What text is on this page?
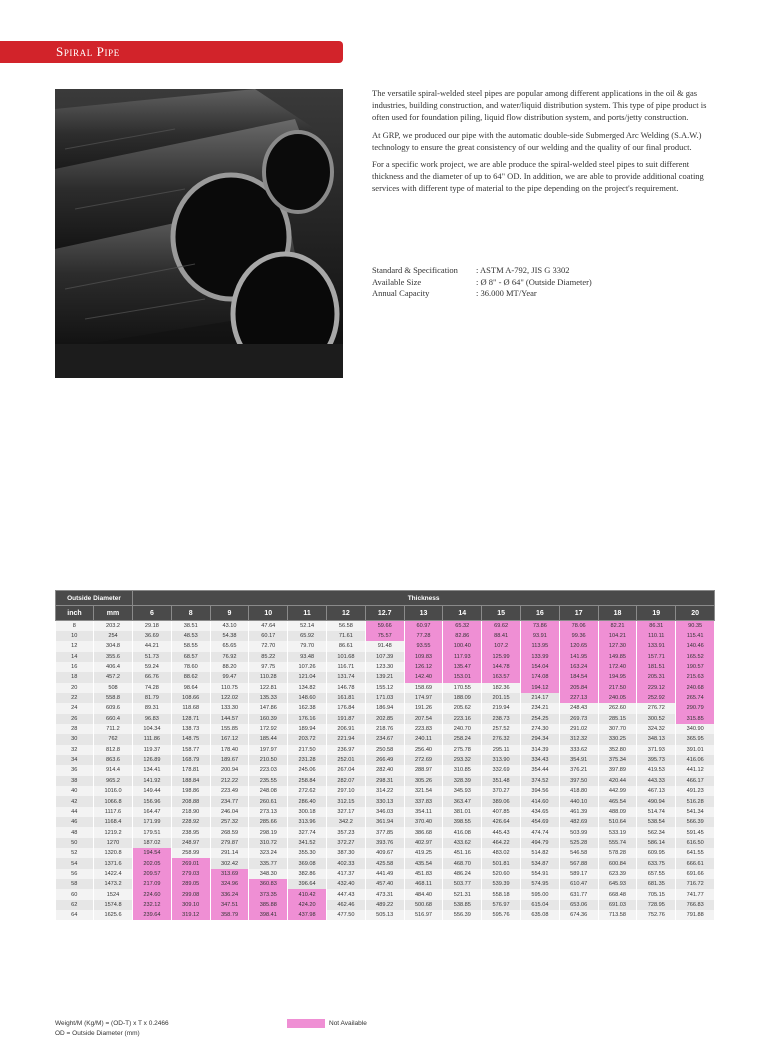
Spiral Pipe

The versatile spiral-welded steel pipes are popular among different applications in the oil & gas industries, building construction, and water/liquid distribution system. This type of pipe product is often used for foundation piling, liquid flow distribution system, and ports/jetty construction.

At GRP, we produced our pipe with the automatic double-side Submerged Arc Welding (S.A.W.) technology to ensure the great consistency of our welding and the quality of our final product.

For a specific work project, we are able produce the spiral-welded steel pipes to suit different thickness and the diameter of up to 64" OD. In addition, we are able to provide additional coating services with different type of material to the pipe depending on the project's requirement.

Standard & Specification	: ASTM A-792, JIS G 3302
Available Size	: Ø 8" - Ø 64" (Outside Diameter)
Annual Capacity	: 36.000 MT/Year
Outside Diameter		Thickness														
inch	mm	6	8	9	10	11	12	12.7	13	14	15	16	17	18	19	20
8	203.2	29.18	38.51	43.10	47.64	52.14	56.58	59.66	60.97	65.32	69.62	73.86	78.06	82.21	86.31	90.35
10	254	36.69	48.53	54.38	60.17	65.92	71.61	75.57	77.28	82.86	88.41	93.91	99.36	104.21	110.11	115.41
12	304.8	44.21	58.55	65.65	72.70	79.70	86.61	91.48	93.55	100.40	107.2	113.95	120.65	127.30	133.91	140.46
14	355.6	51.73	68.57	76.92	85.22	93.48	101.68	107.39	109.83	117.93	125.99	133.99	141.95	149.85	157.71	165.52
16	406.4	59.24	78.60	88.20	97.75	107.26	116.71	123.30	126.12	135.47	144.78	154.04	163.24	172.40	181.51	190.57
18	457.2	66.76	88.62	99.47	110.28	121.04	131.74	139.21	142.40	153.01	163.57	174.08	184.54	194.95	205.31	215.63
20	508	74.28	98.64	110.75	122.81	134.82	146.78	155.12	158.69	170.55	182.36	194.12	205.84	217.50	229.12	240.68
22	558.8	81.79	108.66	122.02	135.33	148.60	161.81	171.03	174.97	188.09	201.15	214.17	227.13	240.05	252.92	265.74
24	609.6	89.31	118.68	133.30	147.86	162.38	176.84	186.94	191.26	205.62	219.94	234.21	248.43	262.60	276.72	290.79
26	660.4	96.83	128.71	144.57	160.39	176.16	191.87	202.85	207.54	223.16	238.73	254.25	269.73	285.15	300.52	315.85
28	711.2	104.34	138.73	155.85	172.92	189.94	206.91	218.76	223.83	240.70	257.52	274.30	291.02	307.70	324.32	340.90
30	762	111.86	148.75	167.12	185.44	203.72	221.94	234.67	240.11	258.24	276.32	294.34	312.32	330.25	348.13	365.95
32	812.8	119.37	158.77	178.40	197.97	217.50	236.97	250.58	256.40	275.78	295.11	314.39	333.62	352.80	371.93	391.01
34	863.6	126.89	168.79	189.67	210.50	231.28	252.01	266.49	272.69	293.32	313.90	334.43	354.91	375.34	395.73	416.06
36	914.4	134.41	178.81	200.94	223.03	245.06	267.04	282.40	288.97	310.85	332.69	354.44	376.21	397.89	419.53	441.12
38	965.2	141.92	188.84	212.22	235.55	258.84	282.07	298.31	305.26	328.39	351.48	374.52	397.50	420.44	443.33	466.17
40	1016.0	149.44	198.86	223.49	248.08	272.62	297.10	314.22	321.54	345.93	370.27	394.56	418.80	442.99	467.13	491.23
42	1066.8	156.96	208.88	234.77	260.61	286.40	312.15	330.13	337.83	363.47	389.06	414.60	440.10	465.54	490.94	516.28
44	1117.6	164.47	218.90	246.04	273.13	300.18	327.17	346.03	354.11	381.01	407.85	434.65	461.39	488.09	514.74	541.34
46	1168.4	171.99	228.92	257.32	285.66	313.96	342.2	361.94	370.40	398.55	426.64	454.69	482.69	510.64	538.54	566.39
48	1219.2	179.51	238.95	268.59	298.19	327.74	357.23	377.85	386.68	416.08	445.43	474.74	503.99	533.19	562.34	591.45
50	1270	187.02	248.97	279.87	310.72	341.52	372.27	393.76	402.97	433.62	464.22	494.79	525.28	555.74	586.14	616.50
52	1320.8	194.54	258.99	291.14	323.24	355.30	387.30	409.67	419.25	451.16	483.02	514.82	546.58	578.28	609.95	641.55
54	1371.6	202.05	269.01	302.42	335.77	369.08	402.33	425.58	435.54	468.70	501.81	534.87	567.88	600.84	633.75	666.61
56	1422.4	209.57	279.03	313.69	348.30	382.86	417.37	441.49	451.83	486.24	520.60	554.91	589.17	623.39	657.55	691.66
58	1473.2	217.09	289.05	324.96	360.83	396.64	432.40	457.40	468.11	503.77	539.39	574.95	610.47	645.93	681.35	716.72
60	1524	224.60	299.08	336.24	373.35	410.42	447.43	473.31	484.40	521.31	558.18	595.00	631.77	668.48	705.15	741.77
62	1574.8	232.12	309.10	347.51	385.88	424.20	462.46	489.22	500.68	538.85	576.97	615.04	653.06	691.03	728.95	766.83
64	1625.6	239.64	319.12	358.79	398.41	437.98	477.50	505.13	516.97	556.39	595.76	635.08	674.36	713.58	752.76	791.88
Weight/M (Kg/M) = (OD-T) x T x 0.2466
OD = Outside Diameter (mm)
Not Available
